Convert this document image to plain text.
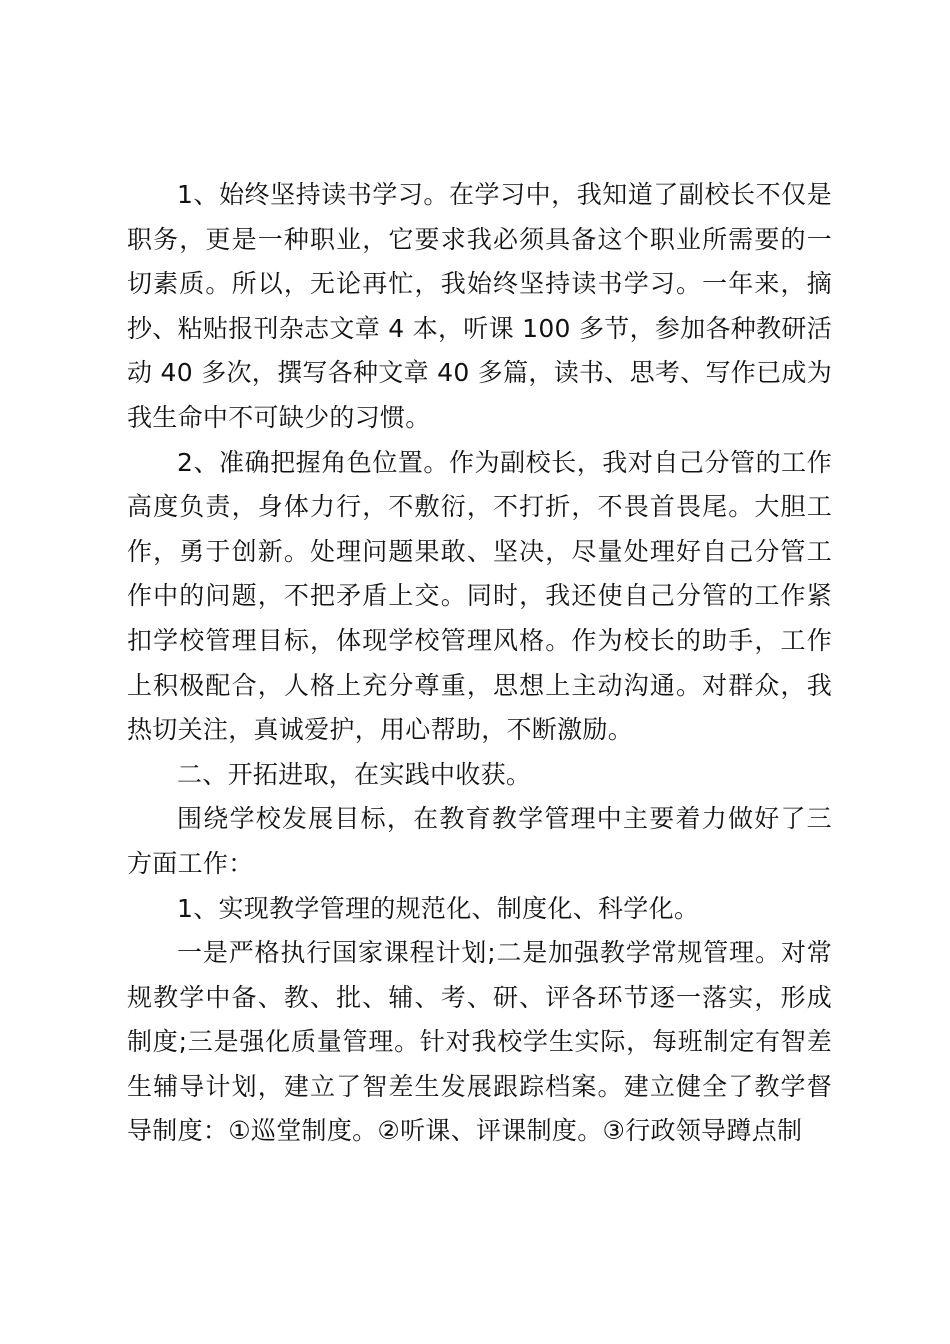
1、始终坚持读书学习。在学习中，我知道了副校长不仅是职务，更是一种职业，它要求我必须具备这个职业所需要的一切素质。所以，无论再忙，我始终坚持读书学习。一年来，摘抄、粘贴报刊杂志文章 4 本，听课 100 多节，参加各种教研活动 40 多次，撰写各种文章 40 多篇，读书、思考、写作已成为我生命中不可缺少的习惯。

2、准确把握角色位置。作为副校长，我对自己分管的工作高度负责，身体力行，不敷衍，不打折，不畏首畏尾。大胆工作，勇于创新。处理问题果敢、坚决，尽量处理好自己分管工作中的问题，不把矛盾上交。同时，我还使自己分管的工作紧扣学校管理目标，体现学校管理风格。作为校长的助手，工作上积极配合，人格上充分尊重，思想上主动沟通。对群众，我热切关注，真诚爱护，用心帮助，不断激励。

二、开拓进取，在实践中收获。

围绕学校发展目标，在教育教学管理中主要着力做好了三方面工作：

1、实现教学管理的规范化、制度化、科学化。

一是严格执行国家课程计划;二是加强教学常规管理。对常规教学中备、教、批、辅、考、研、评各环节逐一落实，形成制度;三是强化质量管理。针对我校学生实际，每班制定有智差生辅导计划，建立了智差生发展跟踪档案。建立健全了教学督导制度：①巡堂制度。②听课、评课制度。③行政领导蹲点制
